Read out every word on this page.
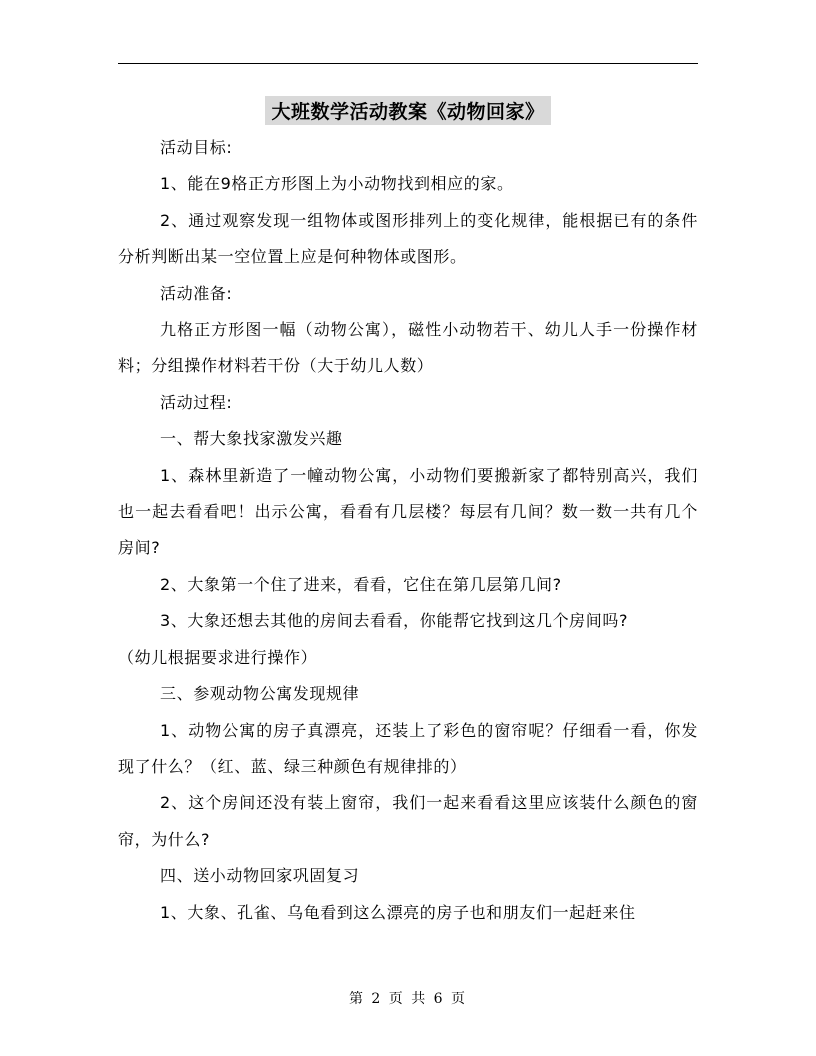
大班数学活动教案《动物回家》

活动目标:

1、能在9格正方形图上为小动物找到相应的家。

2、通过观察发现一组物体或图形排列上的变化规律，能根据已有的条件分析判断出某一空位置上应是何种物体或图形。

活动准备:

九格正方形图一幅（动物公寓），磁性小动物若干、幼儿人手一份操作材料；分组操作材料若干份（大于幼儿人数）

活动过程:

一、帮大象找家激发兴趣

1、森林里新造了一幢动物公寓，小动物们要搬新家了都特别高兴，我们也一起去看看吧！出示公寓，看看有几层楼？每层有几间？数一数一共有几个房间?

2、大象第一个住了进来，看看，它住在第几层第几间?

3、大象还想去其他的房间去看看，你能帮它找到这几个房间吗?

（幼儿根据要求进行操作）

三、参观动物公寓发现规律

1、动物公寓的房子真漂亮，还装上了彩色的窗帘呢？仔细看一看，你发现了什么？（红、蓝、绿三种颜色有规律排的）

2、这个房间还没有装上窗帘，我们一起来看看这里应该装什么颜色的窗帘，为什么?

四、送小动物回家巩固复习

1、大象、孔雀、乌龟看到这么漂亮的房子也和朋友们一起赶来住

第 2 页 共 6 页
